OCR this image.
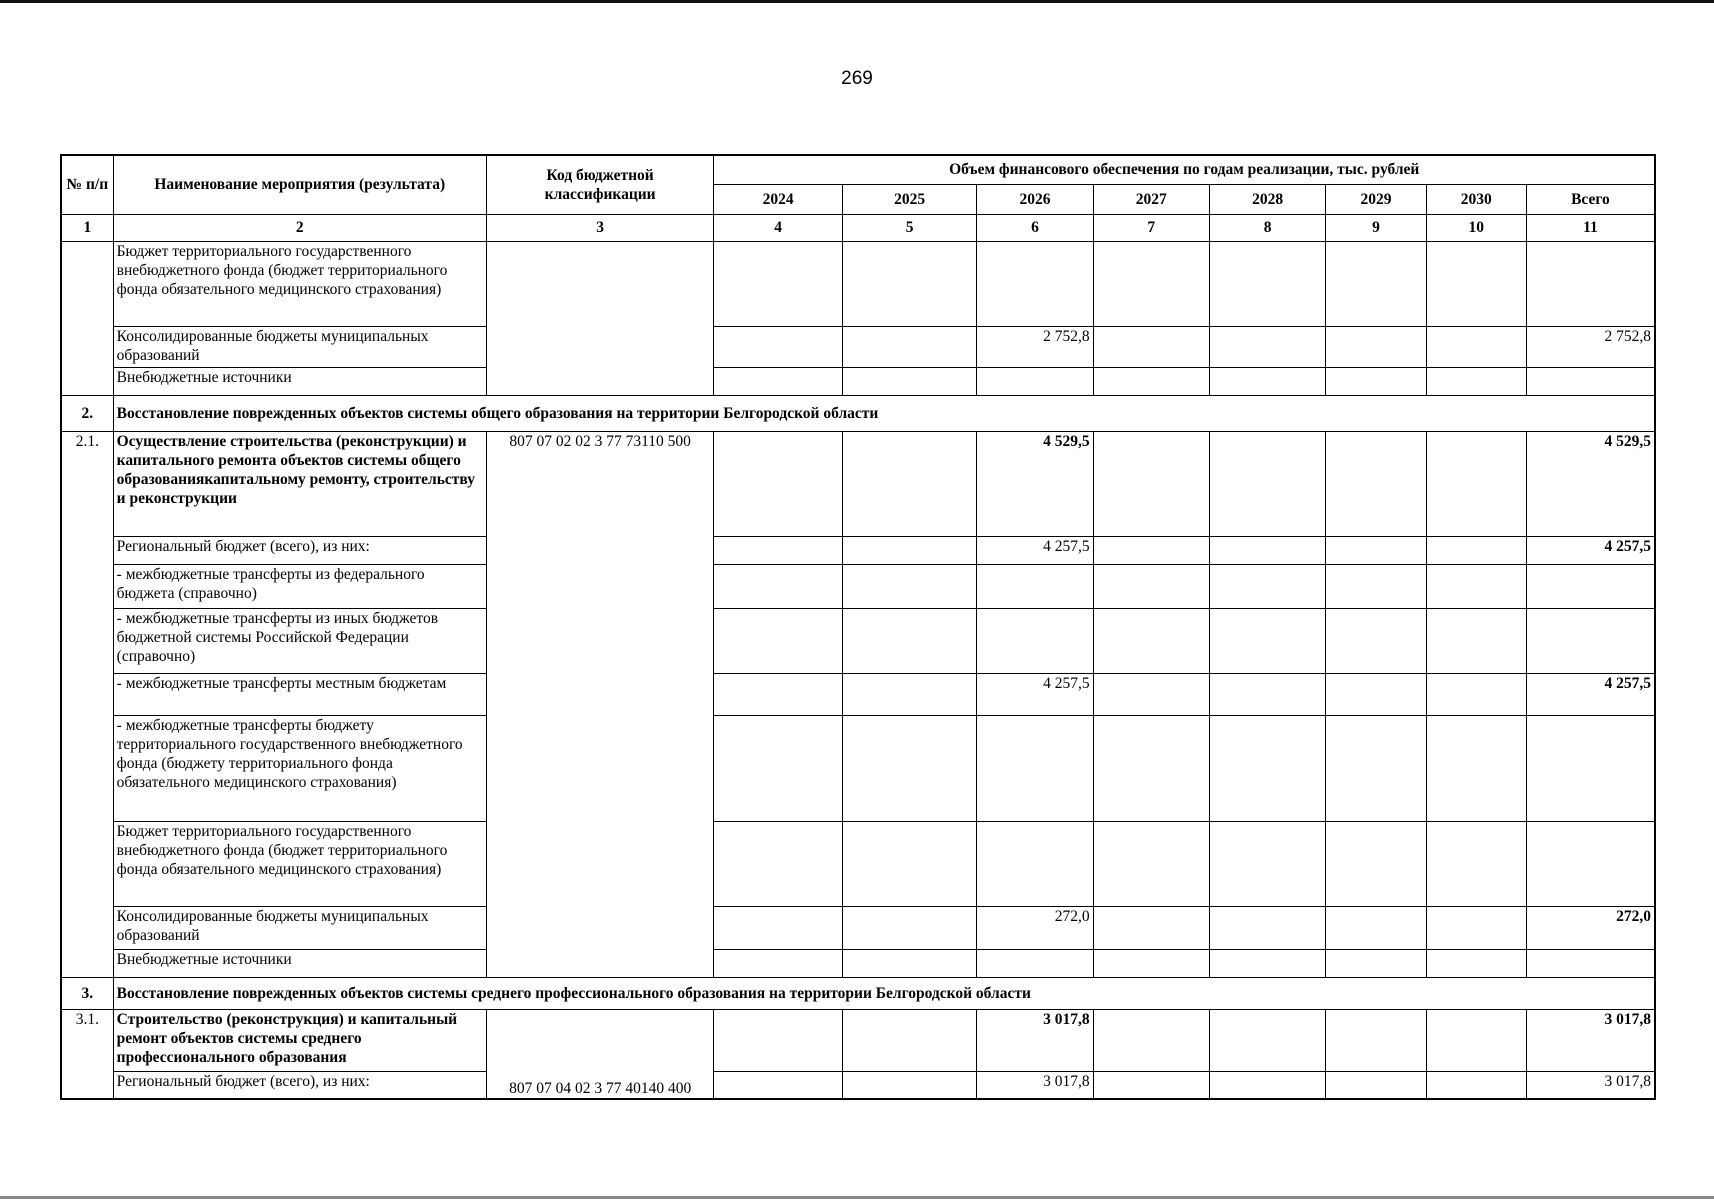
269
№ п/п	Наименование мероприятия (результата)	Код бюджетной классификации	Объем финансового обеспечения по годам реализации, тыс. рублей							
			2024	2025	2026	2027	2028	2029	2030	Всего
1	2	3	4	5	6	7	8	9	10	11
	Бюджет территориального государственного внебюджетного фонда (бюджет территориального фонда обязательного медицинского страхования)									
	Консолидированные бюджеты муниципальных образований				2 752,8					2 752,8
	Внебюджетные источники									
2.	Восстановление поврежденных объектов системы общего образования на территории Белгородской области									
2.1.	Осуществление строительства (реконструкции) и капитального ремонта объектов системы общего образованиякапитальному ремонту, строительству и реконструкции	807 07 02 02 3 77 73110 500			4 529,5					4 529,5
	Региональный бюджет (всего), из них:				4 257,5					4 257,5
	- межбюджетные трансферты из федерального бюджета (справочно)									
	- межбюджетные трансферты из иных бюджетов бюджетной системы Российской Федерации (справочно)									
	- межбюджетные трансферты местным бюджетам				4 257,5					4 257,5
	- межбюджетные трансферты бюджету территориального государственного внебюджетного фонда (бюджету территориального фонда обязательного медицинского страхования)									
	Бюджет территориального государственного внебюджетного фонда (бюджет территориального фонда обязательного медицинского страхования)									
	Консолидированные бюджеты муниципальных образований				272,0					272,0
	Внебюджетные источники									
3.	Восстановление поврежденных объектов системы среднего профессионального образования на территории Белгородской области									
3.1.	Строительство (реконструкция) и капитальный ремонт объектов системы среднего профессионального образования	807 07 04 02 3 77 40140 400			3 017,8					3 017,8
	Региональный бюджет (всего), из них:				3 017,8					3 017,8
